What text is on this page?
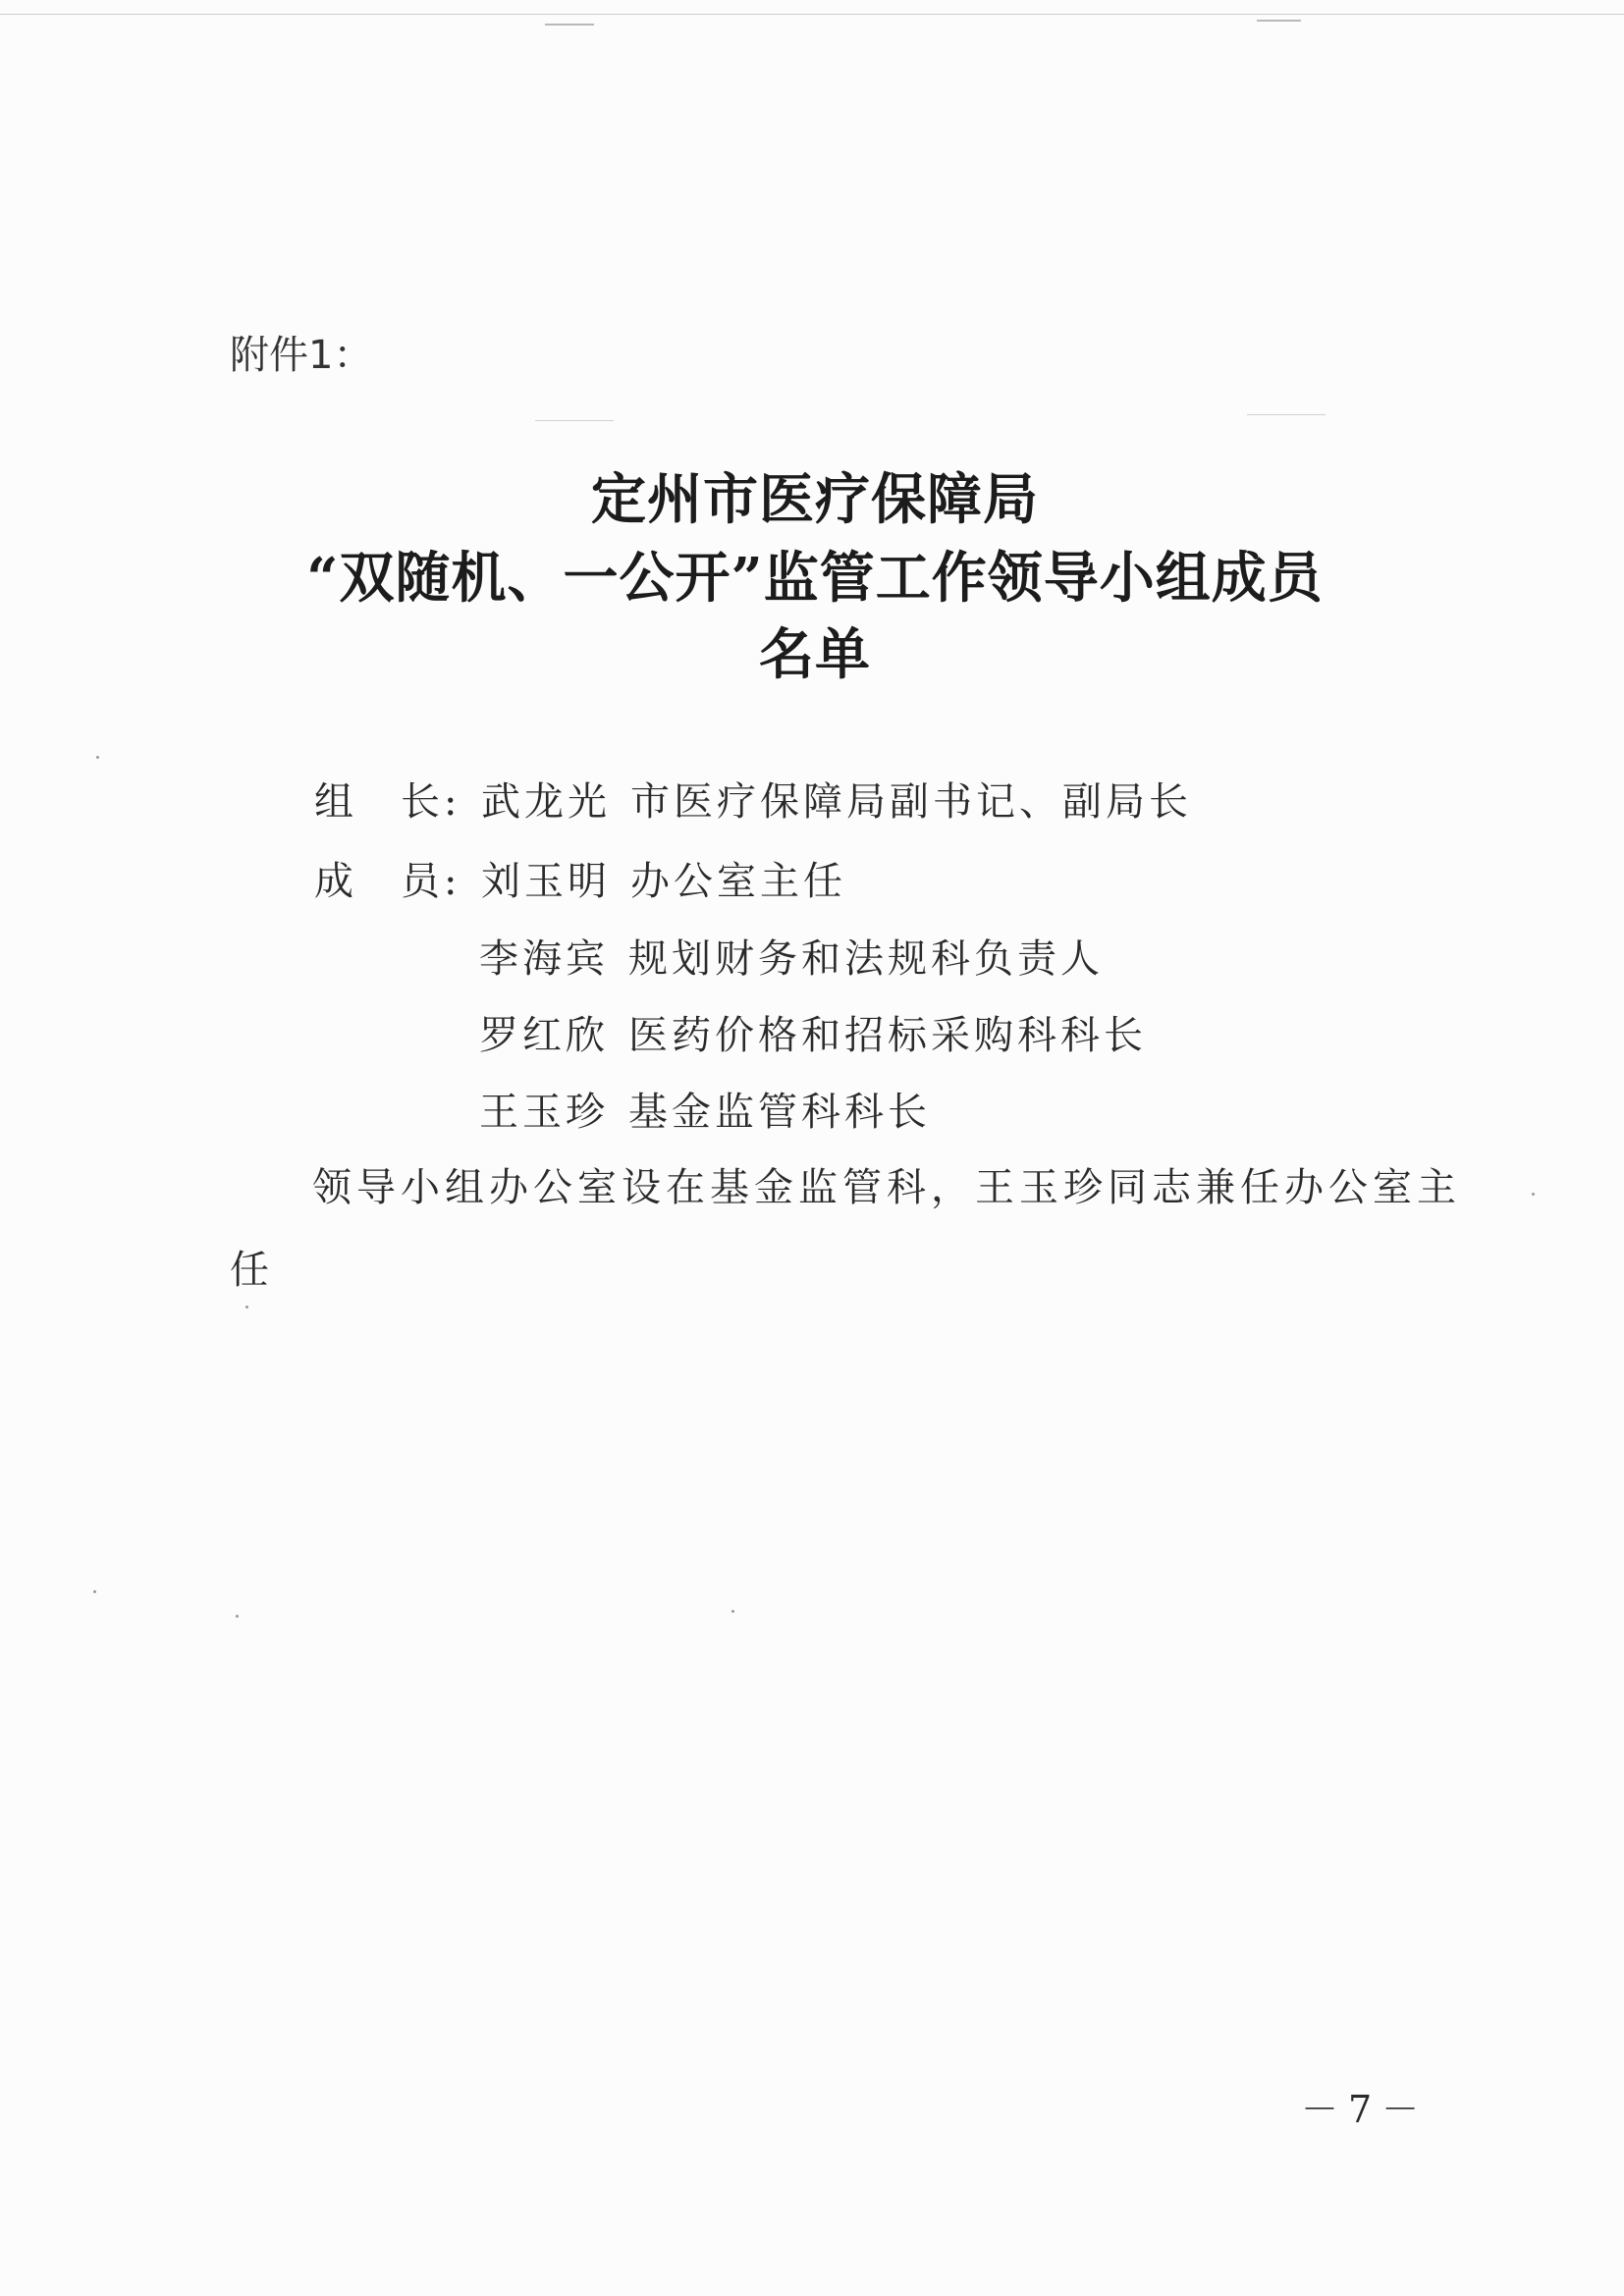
附件1：
定州市医疗保障局
“双随机、一公开”监管工作领导小组成员
名单
组　长: 武龙光 市医疗保障局副书记、副局长
成　员: 刘玉明 办公室主任
李海宾 规划财务和法规科负责人
罗红欣 医药价格和招标采购科科长
王玉珍 基金监管科科长
领导小组办公室设在基金监管科，王玉珍同志兼任办公室主
任
－7－
